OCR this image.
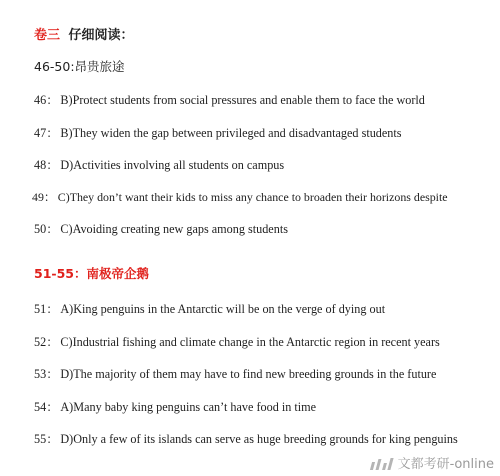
卷三 仔细阅读：
46-50:昂贵旅途
46： B)Protect students from social pressures and enable them to face the world
47： B)They widen the gap between privileged and disadvantaged students
48： D)Activities involving all students on campus
49： C)They don’t want their kids to miss any chance to broaden their horizons despite
50： C)Avoiding creating new gaps among students
51-55：南极帝企鹅
51： A)King penguins in the Antarctic will be on the verge of dying out
52： C)Industrial fishing and climate change in the Antarctic region in recent years
53： D)The majority of them may have to find new breeding grounds in the future
54： A)Many baby king penguins can’t have food in time
55： D)Only a few of its islands can serve as huge breeding grounds for king penguins
文都考研-online
